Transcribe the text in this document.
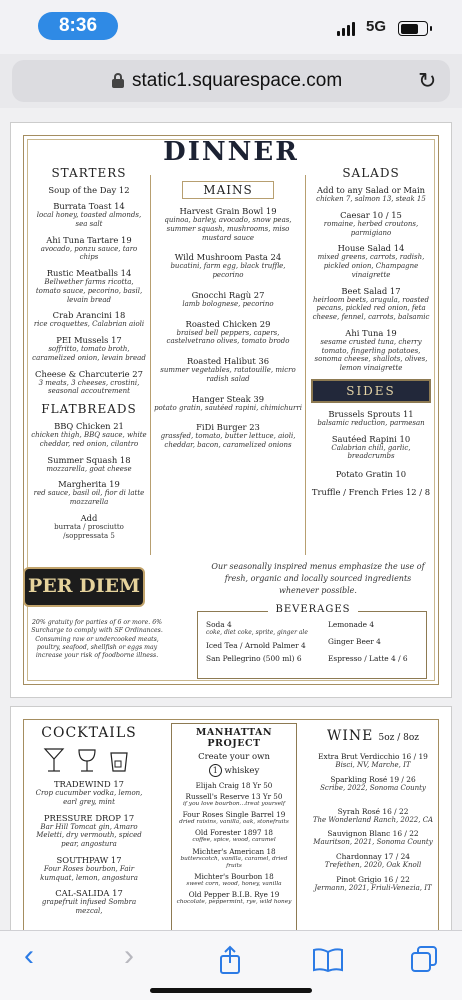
8:36	5G
static1.squarespace.com	↻
DINNER
STARTERS
Soup of the Day 12
Burrata Toast 14
local honey, toasted almonds, sea salt
Ahi Tuna Tartare 19
avocado, ponzu sauce, taro chips
Rustic Meatballs 14
Bellwether farms ricotta, tomato sauce, pecorino, basil, levain bread
Crab Arancini 18
rice croquettes, Calabrian aioli
PEI Mussels 17
soffritto, tomato broth, caramelized onion, levain bread
Cheese & Charcuterie 27
3 meats, 3 cheeses, crostini, seasonal accoutrement
FLATBREADS
BBQ Chicken 21
chicken thigh, BBQ sauce, white cheddar, red onion, cilantro
Summer Squash 18
mozzarella, goat cheese
Margherita 19
red sauce, basil oil, fior di latte mozzarella
Add
burrata / prosciutto /soppressata 5
MAINS
Harvest Grain Bowl 19
quinoa, barley, avocado, snow peas, summer squash, mushrooms, miso mustard sauce
Wild Mushroom Pasta 24
bucatini, farm egg, black truffle, pecorino
Gnocchi Ragù 27
lamb bolognese, pecorino
Roasted Chicken 29
braised bell peppers, capers, castelvetrano olives, tomato brodo
Roasted Halibut 36
summer vegetables, ratatouille, micro radish salad
Hanger Steak 39
potato gratin, sautéed rapini, chimichurri
FiDi Burger 23
grassfed, tomato, butter lettuce, aioli, cheddar, bacon, caramelized onions
SALADS
Add to any Salad or Main
chicken 7, salmon 13, steak 15
Caesar 10 / 15
romaine, herbed croutons, parmigiano
House Salad 14
mixed greens, carrots, radish, pickled onion, Champagne vinaigrette
Beet Salad 17
heirloom beets, arugula, roasted pecans, pickled red onion, feta cheese, fennel, carrots, balsamic
Ahi Tuna 19
sesame crusted tuna, cherry tomato, fingerling potatoes, sonoma cheese, shallots, olives, lemon vinaigrette
SIDES
Brussels Sprouts 11
balsamic reduction, parmesan
Sautéed Rapini 10
Calabrian chili, garlic, breadcrumbs
Potato Gratin 10
Truffle / French Fries 12 / 8
Our seasonally inspired menus emphasize the use of fresh, organic and locally sourced ingredients whenever possible.
PER DIEM
20% gratuity for parties of 6 or more. 6% Surcharge to comply with SF Ordinances. Consuming raw or undercooked meats, poultry, seafood, shellfish or eggs may increase your risk of foodborne illness.
BEVERAGES
Soda 4
coke, diet coke, sprite, ginger ale
Iced Tea / Arnold Palmer 4
San Pellegrino (500 ml) 6
Lemonade 4
Ginger Beer 4
Espresso / Latte 4 / 6
COCKTAILS
TRADEWIND 17
Crop cucumber vodka, lemon, earl grey, mint
PRESSURE DROP 17
Bar Hill Tomcat gin, Amaro Meletti, dry vermouth, spiced pear, angostura
SOUTHPAW 17
Four Roses bourbon, Fair kumquat, lemon, angostura
CAL-SALIDA 17
grapefruit infused Sombra mezcal,
MANHATTAN PROJECT
Create your own
1 whiskey
Elijah Craig 18 Yr 50
Russell's Reserve 13 Yr 50
if you love bourbon...treat yourself
Four Roses Single Barrel 19
dried raisins, vanilla, oak, stonefruits
Old Forester 1897 18
coffee, spice, wood, caramel
Michter's American 18
butterscotch, vanilla, caramel, dried fruits
Michter's Bourbon 18
sweet corn, wood, honey, vanilla
Old Pepper B.I.B. Rye 19
chocolate, peppermint, rye, wild honey
WINE 5oz / 8oz
Extra Brut Verdicchio 16 / 19
Bisci, NV, Marche, IT
Sparkling Rosé 19 / 26
Scribe, 2022, Sonoma County
Syrah Rosé 16 / 22
The Wonderland Ranch, 2022, CA
Sauvignon Blanc 16 / 22
Mauritson, 2021, Sonoma County
Chardonnay 17 / 24
Trefethen, 2020, Oak Knoll
Pinot Grigio 16 / 22
Jermann, 2021, Friuli-Venezia, IT
‹	›
